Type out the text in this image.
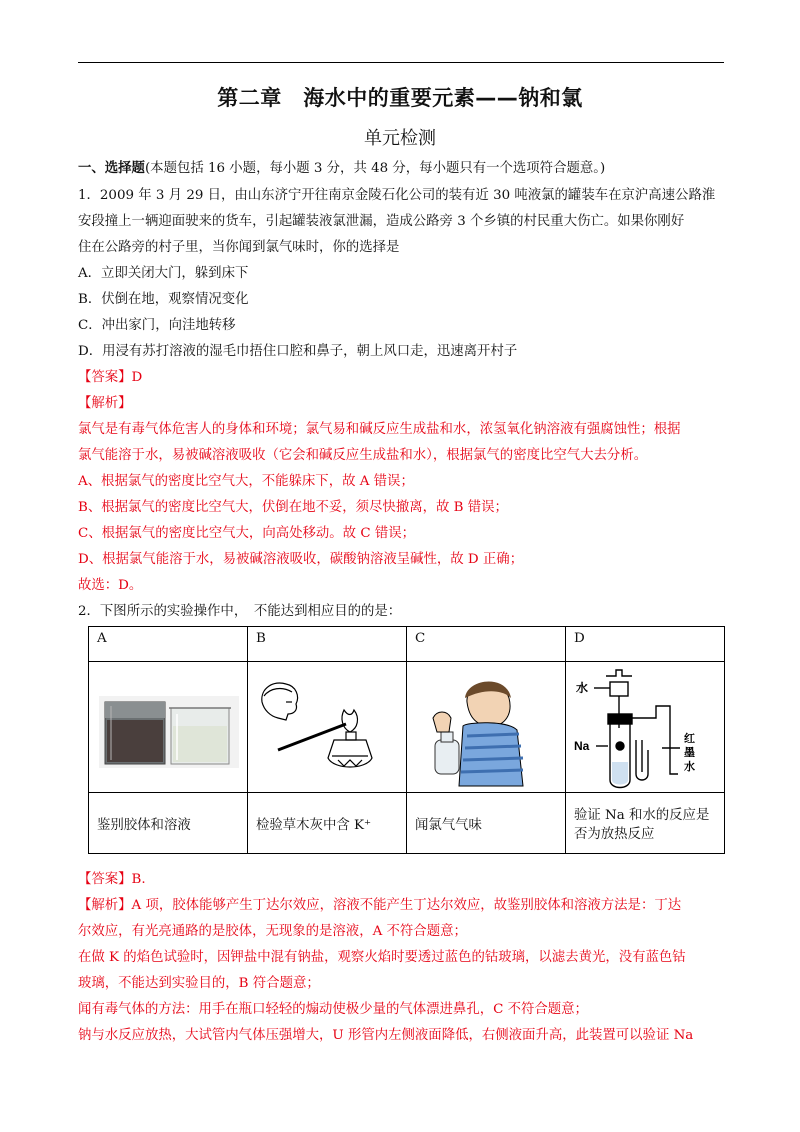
第二章　海水中的重要元素——钠和氯
单元检测
一、选择题(本题包括 16 小题，每小题 3 分，共 48 分，每小题只有一个选项符合题意。)
1．2009 年 3 月 29 日，由山东济宁开往南京金陵石化公司的装有近 30 吨液氯的罐装车在京沪高速公路淮
安段撞上一辆迎面驶来的货车，引起罐装液氯泄漏，造成公路旁 3 个乡镇的村民重大伤亡。如果你刚好
住在公路旁的村子里，当你闻到氯气味时，你的选择是
A．立即关闭大门，躲到床下
B．伏倒在地，观察情况变化
C．冲出家门，向洼地转移
D．用浸有苏打溶液的湿毛巾捂住口腔和鼻子，朝上风口走，迅速离开村子
【答案】D
【解析】
氯气是有毒气体危害人的身体和环境；氯气易和碱反应生成盐和水，浓氢氧化钠溶液有强腐蚀性；根据
氯气能溶于水，易被碱溶液吸收（它会和碱反应生成盐和水），根据氯气的密度比空气大去分析。
A、根据氯气的密度比空气大，不能躲床下，故 A 错误；
B、根据氯气的密度比空气大，伏倒在地不妥，须尽快撤离，故 B 错误；
C、根据氯气的密度比空气大，向高处移动。故 C 错误；
D、根据氯气能溶于水，易被碱溶液吸收，碳酸钠溶液呈碱性，故 D 正确；
故选：D。
2．下图所示的实验操作中，　不能达到相应目的的是：
A	B	C	D

水
Na 红
墨
水

鉴别胶体和溶液	检验草木灰中含 K⁺	闻氯气气味	验证 Na 和水的反应是否为放热反应
【答案】B.
【解析】A 项，胶体能够产生丁达尔效应，溶液不能产生丁达尔效应，故鉴别胶体和溶液方法是：丁达
尔效应，有光亮通路的是胶体，无现象的是溶液，A 不符合题意；
在做 K 的焰色试验时，因钾盐中混有钠盐，观察火焰时要透过蓝色的钴玻璃，以滤去黄光，没有蓝色钴
玻璃，不能达到实验目的，B 符合题意；
闻有毒气体的方法：用手在瓶口轻轻的煽动使极少量的气体漂进鼻孔，C 不符合题意；
钠与水反应放热，大试管内气体压强增大，U 形管内左侧液面降低，右侧液面升高，此装置可以验证 Na
